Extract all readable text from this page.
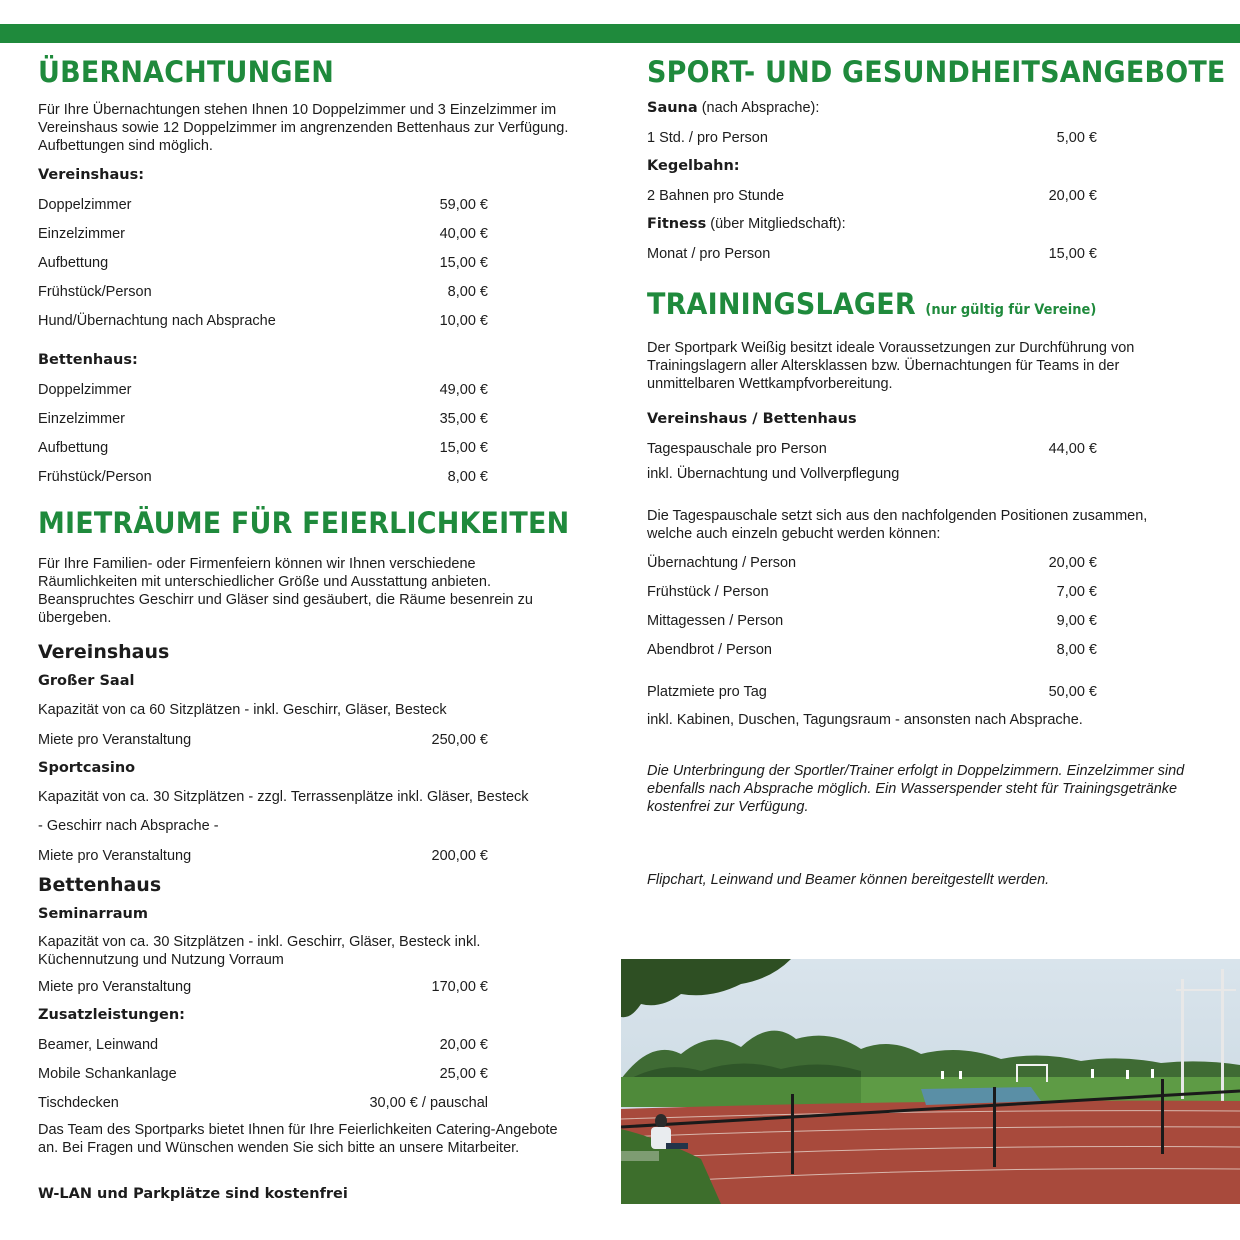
ÜBERNACHTUNGEN

Für Ihre Übernachtungen stehen Ihnen 10 Doppelzimmer und 3 Einzelzimmer im Vereinshaus sowie 12 Doppelzimmer im angrenzenden Bettenhaus zur Verfügung. Aufbettungen sind möglich.

Vereinshaus:
Doppelzimmer	59,00 €
Einzelzimmer	40,00 €
Aufbettung	15,00 €
Frühstück/Person	8,00 €
Hund/Übernachtung nach Absprache	10,00 €
Bettenhaus:
Doppelzimmer	49,00 €
Einzelzimmer	35,00 €
Aufbettung	15,00 €
Frühstück/Person	8,00 €
MIETRÄUME FÜR FEIERLICHKEITEN

Für Ihre Familien- oder Firmenfeiern können wir Ihnen verschiedene Räumlichkeiten mit unterschiedlicher Größe und Ausstattung anbieten. Beanspruchtes Geschirr und Gläser sind gesäubert, die Räume besenrein zu übergeben.

Vereinshaus
Großer Saal
Kapazität von ca 60 Sitzplätzen - inkl. Geschirr, Gläser, Besteck
Miete pro Veranstaltung	250,00 €
Sportcasino
Kapazität von ca. 30 Sitzplätzen - zzgl. Terrassenplätze inkl. Gläser, Besteck
- Geschirr nach Absprache -
Miete pro Veranstaltung	200,00 €
Bettenhaus
Seminarraum

Kapazität von ca. 30 Sitzplätzen - inkl. Geschirr, Gläser, Besteck inkl. Küchennutzung und Nutzung Vorraum

Miete pro Veranstaltung	170,00 €
Zusatzleistungen:
Beamer, Leinwand	20,00 €
Mobile Schankanlage	25,00 €
Tischdecken	30,00 € / pauschal

Das Team des Sportparks bietet Ihnen für Ihre Feierlichkeiten Catering-Angebote an. Bei Fragen und Wünschen wenden Sie sich bitte an unsere Mitarbeiter.

W-LAN und Parkplätze sind kostenfrei
SPORT- UND GESUNDHEITSANGEBOTE
Sauna (nach Absprache):
1 Std. / pro Person	5,00 €
Kegelbahn:
2 Bahnen pro Stunde	20,00 €
Fitness (über Mitgliedschaft):
Monat / pro Person	15,00 €
TRAININGSLAGER (nur gültig für Vereine)

Der Sportpark Weißig besitzt ideale Voraussetzungen zur Durchführung von Trainingslagern aller Altersklassen bzw. Übernachtungen für Teams in der unmittelbaren Wettkampfvorbereitung.

Vereinshaus / Bettenhaus
Tagespauschale pro Person	44,00 €
inkl. Übernachtung und Vollverpflegung

Die Tagespauschale setzt sich aus den nachfolgenden Positionen zusammen, welche auch einzeln gebucht werden können:

Übernachtung / Person	20,00 €
Frühstück / Person	7,00 €
Mittagessen / Person	9,00 €
Abendbrot / Person	8,00 €
Platzmiete pro Tag	50,00 €
inkl. Kabinen, Duschen, Tagungsraum - ansonsten nach Absprache.

Die Unterbringung der Sportler/Trainer erfolgt in Doppelzimmern. Einzelzimmer sind ebenfalls nach Absprache möglich. Ein Wasserspender steht für Trainingsgetränke kostenfrei zur Verfügung.

Flipchart, Leinwand und Beamer können bereitgestellt werden.
